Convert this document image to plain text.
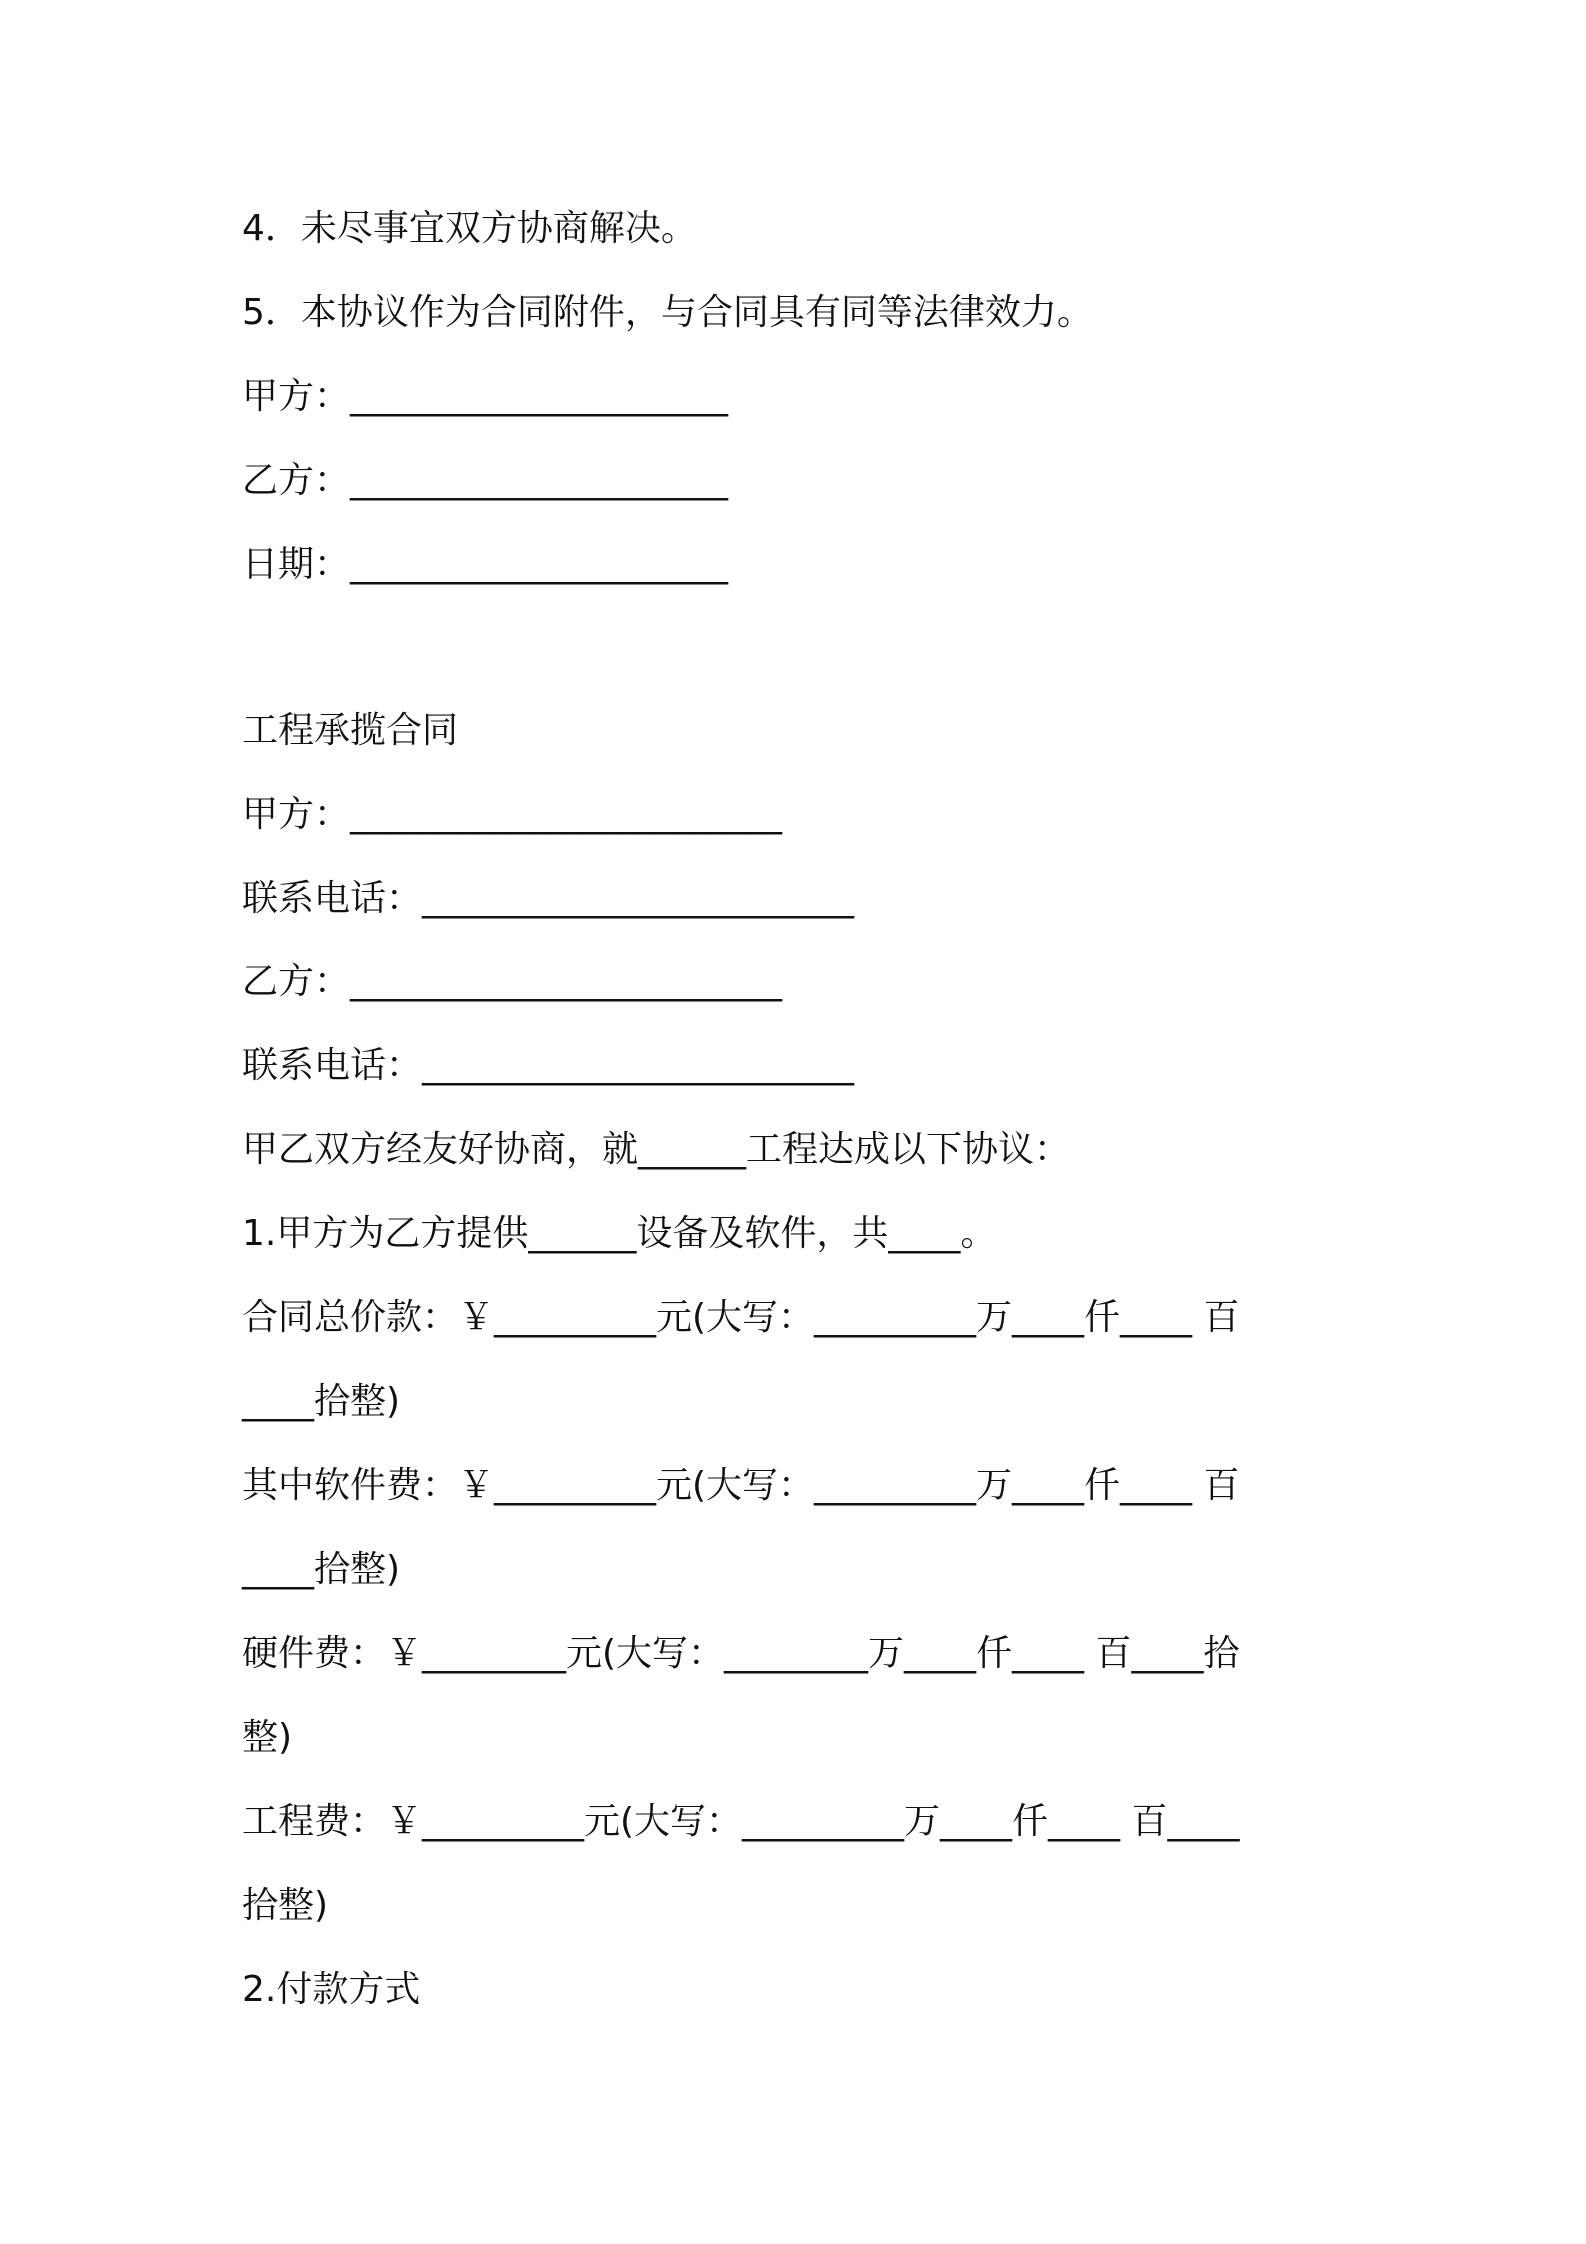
4．未尽事宜双方协商解决。
5．本协议作为合同附件，与合同具有同等法律效力。
甲方：_____________________
乙方：_____________________
日期：_____________________
工程承揽合同
甲方：________________________
联系电话：________________________
乙方：________________________
联系电话：________________________
甲乙双方经友好协商，就______工程达成以下协议：
1.甲方为乙方提供______设备及软件，共____。
合同总价款：￥_________元(大写：_________万____仟____ 百
____拾整)
其中软件费：￥_________元(大写：_________万____仟____ 百
____拾整)
硬件费：￥________元(大写：________万____仟____ 百____拾
整)
工程费：￥_________元(大写：_________万____仟____ 百____
拾整)
2.付款方式
